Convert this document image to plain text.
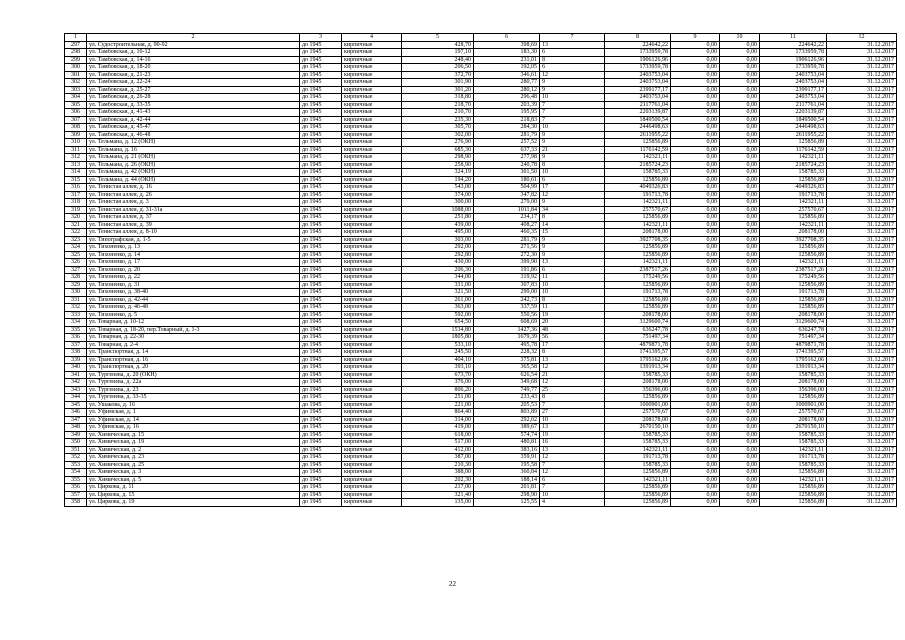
1	2	3	4	5	6	7	8	9	10	11	12
297	ул. Судостроительная, д. 90-92	до 1945	кирпичные	428,70	398,69	13	224642,22	0,00	0,00	224642,22	31.12.2017
298	ул. Тамбовская, д. 10-12	до 1945	кирпичные	197,10	183,30	6	1733959,78	0,00	0,00	1733959,78	31.12.2017
299	ул. Тамбовская, д. 14-16	до 1945	кирпичные	248,40	231,01	8	1906126,96	0,00	0,00	1906126,96	31.12.2017
300	ул. Тамбовская, д. 18-20	до 1945	кирпичные	206,50	192,05	6	1733959,78	0,00	0,00	1733959,78	31.12.2017
301	ул. Тамбовская, д. 21-23	до 1945	кирпичные	372,70	346,61	12	2403753,04	0,00	0,00	2403753,04	31.12.2017
302	ул. Тамбовская, д. 22-24	до 1945	кирпичные	301,90	280,77	9	2403753,04	0,00	0,00	2403753,04	31.12.2017
303	ул. Тамбовская, д. 25-27	до 1945	кирпичные	301,20	280,12	9	2399177,17	0,00	0,00	2399177,17	31.12.2017
304	ул. Тамбовская, д. 26-28	до 1945	кирпичные	318,80	296,48	10	2403753,04	0,00	0,00	2403753,04	31.12.2017
305	ул. Тамбовская, д. 33-35	до 1945	кирпичные	218,70	203,39	7	2117761,04	0,00	0,00	2117761,04	31.12.2017
306	ул. Тамбовская, д. 41-43	до 1945	кирпичные	210,70	195,95	7	2203139,87	0,00	0,00	2203139,87	31.12.2017
307	ул. Тамбовская, д. 42-44	до 1945	кирпичные	235,30	218,83	7	1849500,54	0,00	0,00	1849500,54	31.12.2017
308	ул. Тамбовская, д. 45-47	до 1945	кирпичные	305,70	284,30	10	2446498,63	0,00	0,00	2446498,63	31.12.2017
309	ул. Тамбовская, д. 46-48	до 1945	кирпичные	302,00	281,79	9	2611955,22	0,00	0,00	2611955,22	31.12.2017
310	ул. Тельмана, д. 12 (ОКН)	до 1945	кирпичные	276,90	257,52	9	125856,89	0,00	0,00	125856,89	31.12.2017
311	ул. Тельмана, д. 16	до 1945	кирпичные	685,30	637,33	21	1176142,59	0,00	0,00	1176142,59	31.12.2017
312	ул. Тельмана, д. 21 (ОКН)	до 1945	кирпичные	298,90	277,98	9	142321,11	0,00	0,00	142321,11	31.12.2017
313	ул. Тельмана, д. 26 (ОКН)	до 1945	кирпичные	258,90	240,78	8	2185724,23	0,00	0,00	2185724,23	31.12.2017
314	ул. Тельмана, д. 42 (ОКН)	до 1945	кирпичные	324,19	301,50	10	158785,33	0,00	0,00	158785,33	31.12.2017
315	ул. Тельмана, д. 44 (ОКН)	до 1945	кирпичные	194,20	180,61	6	125856,89	0,00	0,00	125856,89	31.12.2017
316	ул. Тенистая аллея, д. 16	до 1945	кирпичные	543,00	504,99	17	4049326,83	0,00	0,00	4049326,83	31.12.2017
317	ул. Тенистая аллея, д. 26	до 1945	кирпичные	374,00	347,82	12	191713,78	0,00	0,00	191713,78	31.12.2017
318	ул. Тенистая аллея, д. 3	до 1945	кирпичные	300,00	279,00	9	142321,11	0,00	0,00	142321,11	31.12.2017
319	ул. Тенистая аллея, д. 31-31а	до 1945	кирпичные	1088,00	1011,84	34	257570,67	0,00	0,00	257570,67	31.12.2017
320	ул. Тенистая аллея, д. 37	до 1945	кирпичные	251,80	234,17	8	125856,89	0,00	0,00	125856,89	31.12.2017
321	ул. Тенистая аллея, д. 39	до 1945	кирпичные	439,00	408,27	14	142321,11	0,00	0,00	142321,11	31.12.2017
322	ул. Тенистая аллея, д. 8-10	до 1945	кирпичные	495,00	460,35	15	208178,00	0,00	0,00	208178,00	31.12.2017
323	ул. Типографская, д. 1-5	до 1945	кирпичные	303,00	281,79	9	3927708,35	0,00	0,00	3927708,35	31.12.2017
324	ул. Тихоненко, д. 13	до 1945	кирпичные	292,00	271,56	9	125856,89	0,00	0,00	125856,89	31.12.2017
325	ул. Тихоненко, д. 14	до 1945	кирпичные	292,80	272,30	9	125856,89	0,00	0,00	125856,89	31.12.2017
326	ул. Тихоненко, д. 17	до 1945	кирпичные	430,00	399,90	13	142321,11	0,00	0,00	142321,11	31.12.2017
327	ул. Тихоненко, д. 20	до 1945	кирпичные	206,30	191,86	6	2387517,26	0,00	0,00	2387517,26	31.12.2017
328	ул. Тихоненко, д. 22	до 1945	кирпичные	344,00	319,92	11	175249,56	0,00	0,00	175249,56	31.12.2017
329	ул. Тихоненко, д. 31	до 1945	кирпичные	331,00	307,83	10	125856,89	0,00	0,00	125856,89	31.12.2017
330	ул. Тихоненко, д. 38-40	до 1945	кирпичные	321,50	299,00	10	191713,78	0,00	0,00	191713,78	31.12.2017
331	ул. Тихоненко, д. 42-44	до 1945	кирпичные	261,00	242,73	8	125856,89	0,00	0,00	125856,89	31.12.2017
332	ул. Тихоненко, д. 46-48	до 1945	кирпичные	363,00	337,59	11	125856,89	0,00	0,00	125856,89	31.12.2017
333	ул. Тихоненко, д. 5	до 1945	кирпичные	592,00	550,56	19	208178,00	0,00	0,00	208178,00	31.12.2017
334	ул. Товарная, д. 10-12	до 1945	кирпичные	654,50	608,69	20	3129600,74	0,00	0,00	3129600,74	31.12.2017
335	ул. Товарная, д. 18-20, пер.Товарный, д. 1-3	до 1945	кирпичные	1534,80	1427,36	48	636247,78	0,00	0,00	636247,78	31.12.2017
336	ул. Товарная, д. 22-30	до 1945	кирпичные	1805,80	1679,39	56	751497,34	0,00	0,00	751497,34	31.12.2017
337	ул. Товарная, д. 2-4	до 1945	кирпичные	533,10	495,78	17	4879871,78	0,00	0,00	4879871,78	31.12.2017
338	ул. Транспортная, д. 14	до 1945	кирпичные	245,50	228,32	8	1741395,57	0,00	0,00	1741395,57	31.12.2017
339	ул. Транспортная, д. 16	до 1945	кирпичные	404,10	375,81	13	1795162,06	0,00	0,00	1795162,06	31.12.2017
340	ул. Транспортная, д. 20	до 1945	кирпичные	393,10	365,58	12	1391913,34	0,00	0,00	1391913,34	31.12.2017
341	ул. Тургенева, д. 20 (ОКН)	до 1945	кирпичные	673,70	626,54	21	158785,33	0,00	0,00	158785,33	31.12.2017
342	ул. Тургенева, д. 22а	до 1945	кирпичные	376,00	349,68	12	208178,00	0,00	0,00	208178,00	31.12.2017
343	ул. Тургенева, д. 23	до 1945	кирпичные	806,20	749,77	25	356396,00	0,00	0,00	356396,00	31.12.2017
344	ул. Тургенева, д. 33-35	до 1945	кирпичные	251,00	233,43	8	125856,89	0,00	0,00	125856,89	31.12.2017
345	ул. Ушакова, д. 16	до 1945	кирпичные	221,00	205,53	7	1000901,00	0,00	0,00	1000901,00	31.12.2017
346	ул. Уфимская, д. 1	до 1945	кирпичные	864,40	803,89	27	257570,67	0,00	0,00	257570,67	31.12.2017
347	ул. Уфимская, д. 14	до 1945	кирпичные	314,00	292,02	10	208178,00	0,00	0,00	208178,00	31.12.2017
348	ул. Уфимская, д. 16	до 1945	кирпичные	419,00	389,67	13	2670150,10	0,00	0,00	2670150,10	31.12.2017
349	ул. Химическая, д. 15	до 1945	кирпичные	618,00	574,74	19	158785,33	0,00	0,00	158785,33	31.12.2017
350	ул. Химическая, д. 19	до 1945	кирпичные	517,00	480,81	16	158785,33	0,00	0,00	158785,33	31.12.2017
351	ул. Химическая, д. 2	до 1945	кирпичные	412,00	383,16	13	142321,11	0,00	0,00	142321,11	31.12.2017
352	ул. Химическая, д. 23	до 1945	кирпичные	387,00	359,91	12	191713,78	0,00	0,00	191713,78	31.12.2017
353	ул. Химическая, д. 25	до 1945	кирпичные	210,30	195,58	7	158785,33	0,00	0,00	158785,33	31.12.2017
354	ул. Химическая, д. 3	до 1945	кирпичные	388,00	360,84	12	125856,89	0,00	0,00	125856,89	31.12.2017
355	ул. Химическая, д. 5	до 1945	кирпичные	202,30	188,14	6	142321,11	0,00	0,00	142321,11	31.12.2017
356	ул. Циркова, д. 11	до 1945	кирпичные	217,00	201,81	7	125856,89	0,00	0,00	125856,89	31.12.2017
357	ул. Циркова, д. 15	до 1945	кирпичные	321,40	298,90	10	125856,89	0,00	0,00	125856,89	31.12.2017
358	ул. Циркова, д. 19	до 1945	кирпичные	135,00	125,55	4	125856,89	0,00	0,00	125856,89	31.12.2017
22
